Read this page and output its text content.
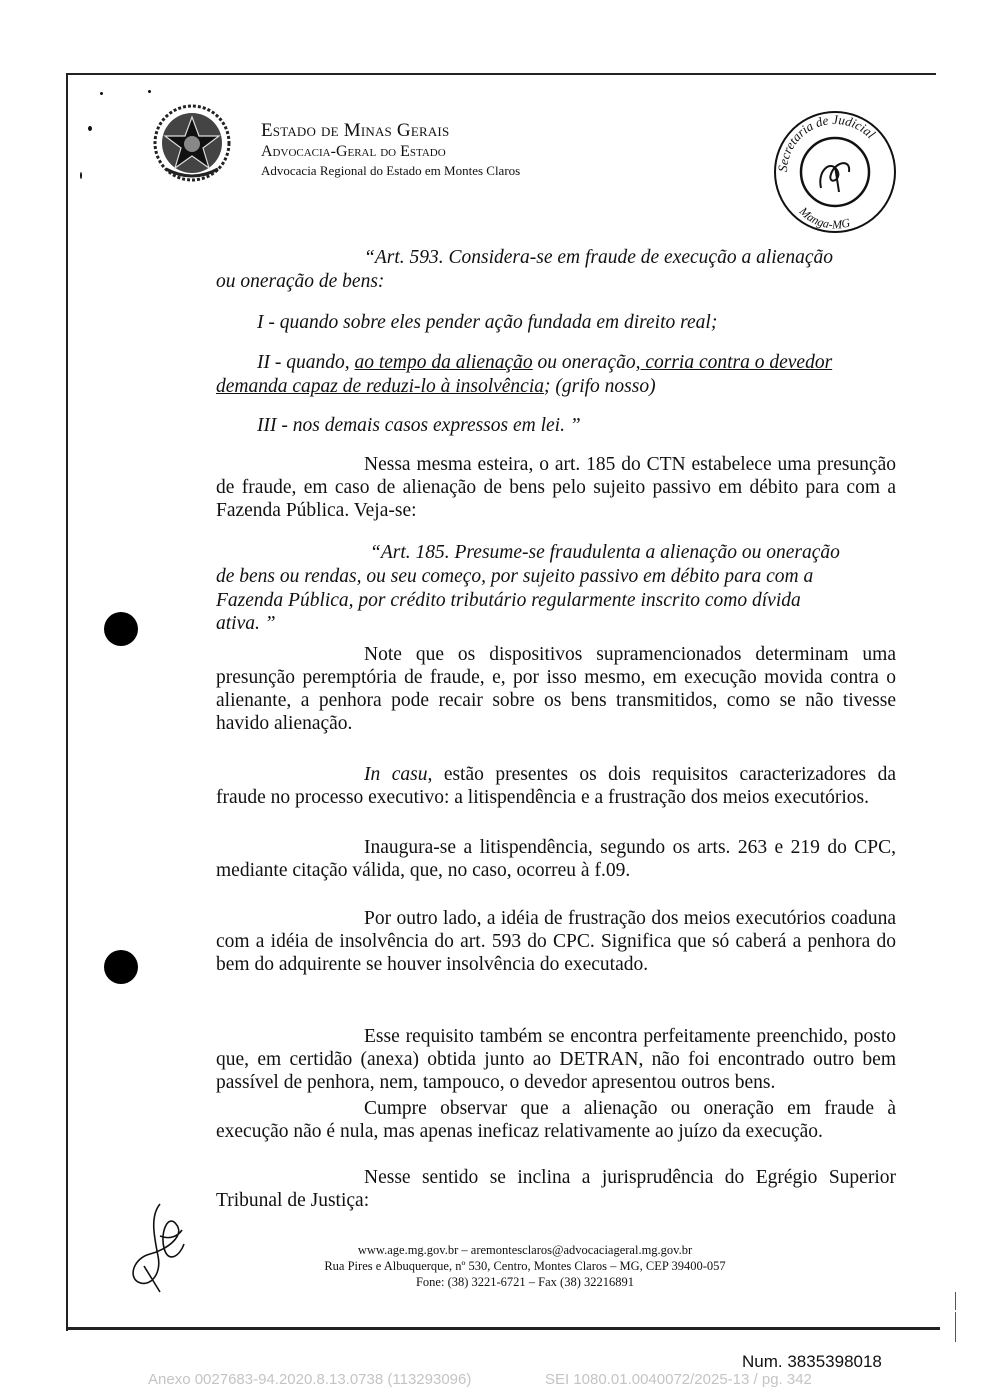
Estado de Minas Gerais
Advocacia-Geral do Estado
Advocacia Regional do Estado em Montes Claros	Secretaria de Judicial
Manga-MG
“Art. 593. Considera-se em fraude de execução a alienação
ou oneração de bens:
I - quando sobre eles pender ação fundada em direito real;
II - quando, ao tempo da alienação ou oneração, corria contra o devedor
demanda capaz de reduzi-lo à insolvência; (grifo nosso)
III - nos demais casos expressos em lei. ”
Nessa mesma esteira, o art. 185 do CTN estabelece uma presunção de fraude, em caso de alienação de bens pelo sujeito passivo em débito para com a Fazenda Pública. Veja-se:
“Art. 185. Presume-se fraudulenta a alienação ou oneração
de bens ou rendas, ou seu começo, por sujeito passivo em débito para com a
Fazenda Pública, por crédito tributário regularmente inscrito como dívida
ativa. ”
Note que os dispositivos supramencionados determinam uma presunção peremptória de fraude, e, por isso mesmo, em execução movida contra o alienante, a penhora pode recair sobre os bens transmitidos, como se não tivesse havido alienação.
In casu, estão presentes os dois requisitos caracterizadores da fraude no processo executivo: a litispendência e a frustração dos meios executórios.
Inaugura-se a litispendência, segundo os arts. 263 e 219 do CPC, mediante citação válida, que, no caso, ocorreu à f.09.
Por outro lado, a idéia de frustração dos meios executórios coaduna com a idéia de insolvência do art. 593 do CPC. Significa que só caberá a penhora do bem do adquirente se houver insolvência do executado.
Esse requisito também se encontra perfeitamente preenchido, posto que, em certidão (anexa) obtida junto ao DETRAN, não foi encontrado outro bem passível de penhora, nem, tampouco, o devedor apresentou outros bens.
Cumpre observar que a alienação ou oneração em fraude à execução não é nula, mas apenas ineficaz relativamente ao juízo da execução.
Nesse sentido se inclina a jurisprudência do Egrégio Superior Tribunal de Justiça:
www.age.mg.gov.br – aremontesclaros@advocaciageral.mg.gov.br
Rua Pires e Albuquerque, nº 530, Centro, Montes Claros – MG, CEP 39400-057
Fone: (38) 3221-6721 – Fax (38) 32216891
Num. 3835398018
Anexo 0027683-94.2020.8.13.0738 (113293096)	SEI 1080.01.0040072/2025-13 / pg. 342
